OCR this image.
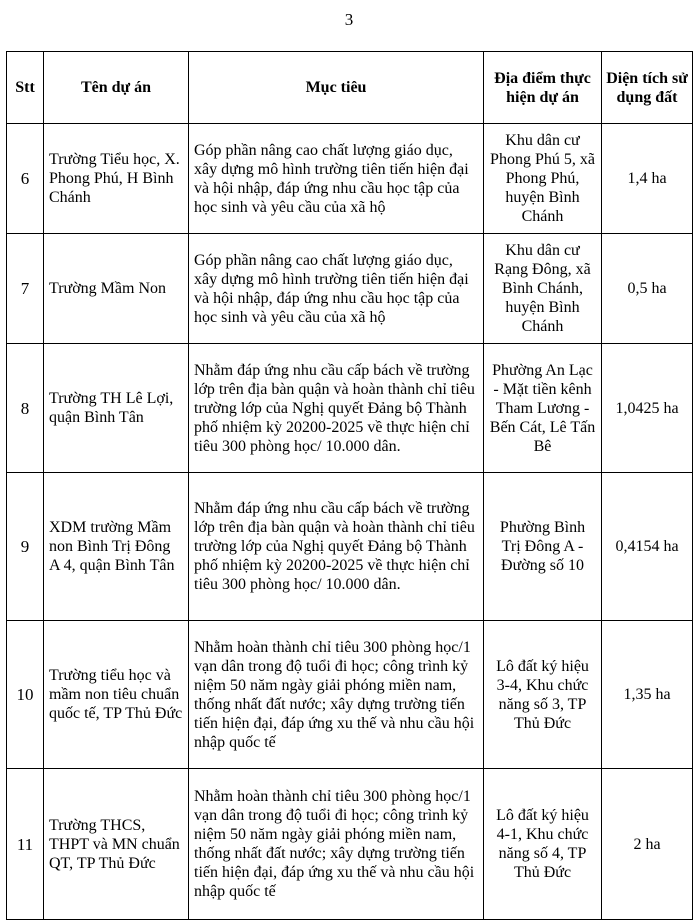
3
Stt	Tên dự án	Mục tiêu	Địa điểm thực hiện dự án	Diện tích sử dụng đất
6	Trường Tiểu học, X. Phong Phú, H Bình Chánh	Góp phần nâng cao chất lượng giáo dục, xây dựng mô hình trường tiên tiến hiện đại và hội nhập, đáp ứng nhu cầu học tập của học sinh và yêu cầu của xã hộ	Khu dân cư Phong Phú 5, xã Phong Phú, huyện Bình Chánh	1,4 ha
7	Trường Mầm Non	Góp phần nâng cao chất lượng giáo dục, xây dựng mô hình trường tiên tiến hiện đại và hội nhập, đáp ứng nhu cầu học tập của học sinh và yêu cầu của xã hộ	Khu dân cư Rạng Đông, xã Bình Chánh, huyện Bình Chánh	0,5 ha
8	Trường TH Lê Lợi, quận Bình Tân	Nhằm đáp ứng nhu cầu cấp bách về trường lớp trên địa bàn quận và hoàn thành chỉ tiêu trường lớp của Nghị quyết Đảng bộ Thành phố nhiệm kỳ 20200-2025 về thực hiện chỉ tiêu 300 phòng học/ 10.000 dân.	Phường An Lạc - Mặt tiền kênh Tham Lương - Bến Cát, Lê Tấn Bê	1,0425 ha
9	XDM trường Mầm non Bình Trị Đông A 4, quận Bình Tân	Nhằm đáp ứng nhu cầu cấp bách về trường lớp trên địa bàn quận và hoàn thành chỉ tiêu trường lớp của Nghị quyết Đảng bộ Thành phố nhiệm kỳ 20200-2025 về thực hiện chỉ tiêu 300 phòng học/ 10.000 dân.	Phường Bình Trị Đông A - Đường số 10	0,4154 ha
10	Trường tiểu học và mầm non tiêu chuẩn quốc tế, TP Thủ Đức	Nhằm hoàn thành chỉ tiêu 300 phòng học/1 vạn dân trong độ tuổi đi học; công trình kỷ niệm 50 năm ngày giải phóng miền nam, thống nhất đất nước; xây dựng trường tiến tiến hiện đại, đáp ứng xu thế và nhu cầu hội nhập quốc tế	Lô đất ký hiệu 3-4, Khu chức năng số 3, TP Thủ Đức	1,35 ha
11	Trường THCS, THPT và MN chuẩn QT, TP Thủ Đức	Nhằm hoàn thành chỉ tiêu 300 phòng học/1 vạn dân trong độ tuổi đi học; công trình kỷ niệm 50 năm ngày giải phóng miền nam, thống nhất đất nước; xây dựng trường tiến tiến hiện đại, đáp ứng xu thế và nhu cầu hội nhập quốc tế	Lô đất ký hiệu 4-1, Khu chức năng số 4, TP Thủ Đức	2 ha
